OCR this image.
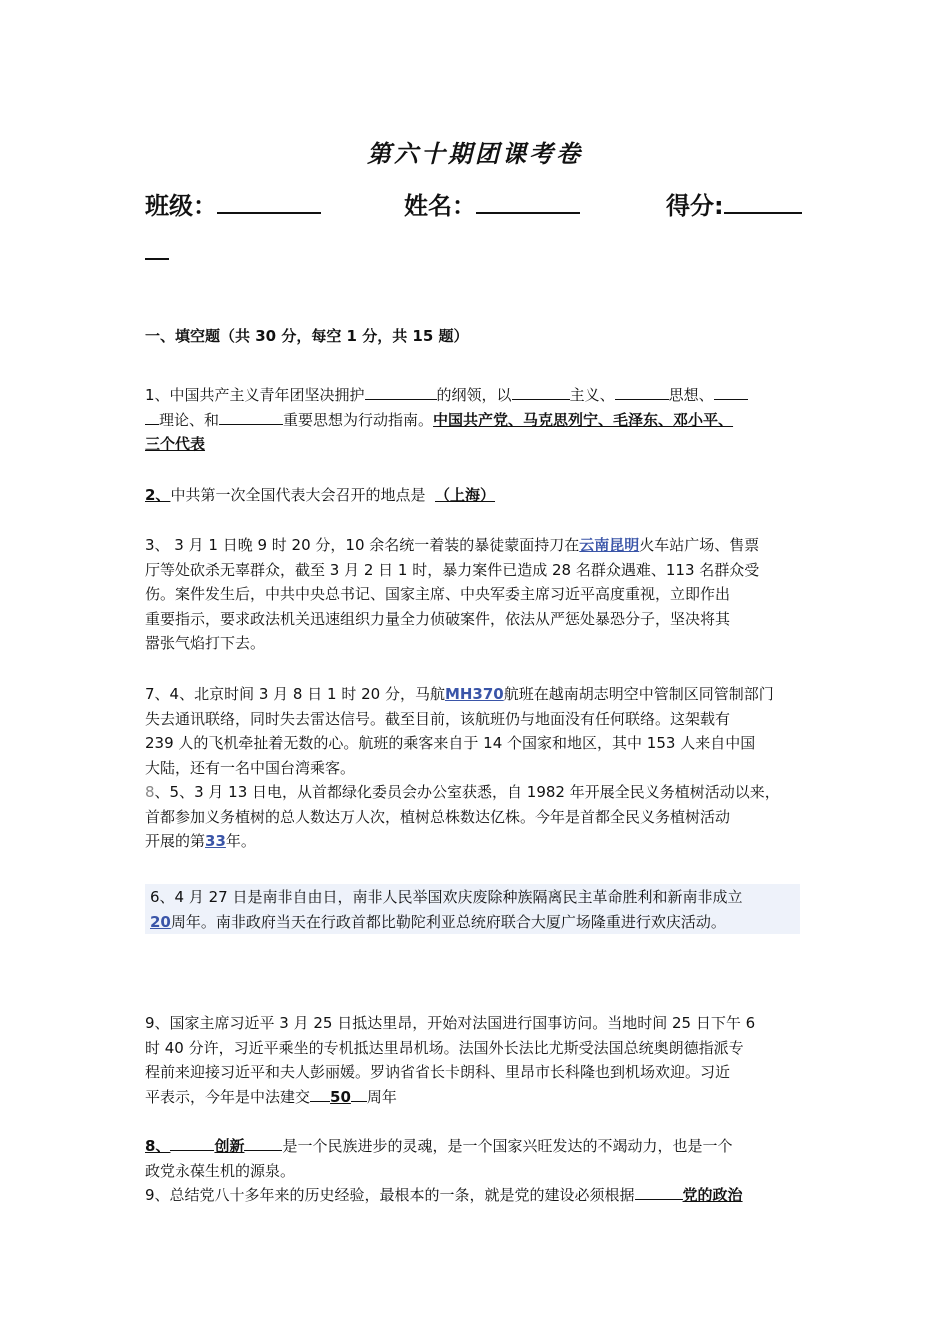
第六十期团课考卷
班级：	姓名：	得分:
一、填空题（共 30 分，每空 1 分，共 15 题）
1、中国共产主义青年团坚决拥护	的纲领，以	主义、	思想、
理论、和	重要思想为行动指南。中国共产党、马克思列宁、毛泽东、邓小平、
三个代表
2、中共第一次全国代表大会召开的地点是 （上海）
3、 3 月 1 日晚 9 时 20 分，10 余名统一着装的暴徒蒙面持刀在云南昆明火车站广场、售票
厅等处砍杀无辜群众，截至 3 月 2 日 1 时，暴力案件已造成 28 名群众遇难、113 名群众受
伤。案件发生后，中共中央总书记、国家主席、中央军委主席习近平高度重视，立即作出
重要指示，要求政法机关迅速组织力量全力侦破案件，依法从严惩处暴恐分子，坚决将其
嚣张气焰打下去。
7、4、北京时间 3 月 8 日 1 时 20 分，马航MH370航班在越南胡志明空中管制区同管制部门
失去通讯联络，同时失去雷达信号。截至目前，该航班仍与地面没有任何联络。这架载有
239 人的飞机牵扯着无数的心。航班的乘客来自于 14 个国家和地区，其中 153 人来自中国
大陆，还有一名中国台湾乘客。
8、5、3 月 13 日电，从首都绿化委员会办公室获悉，自 1982 年开展全民义务植树活动以来，
首都参加义务植树的总人数达万人次，植树总株数达亿株。今年是首都全民义务植树活动
开展的第33年。
6、4 月 27 日是南非自由日，南非人民举国欢庆废除种族隔离民主革命胜利和新南非成立
20周年。南非政府当天在行政首都比勒陀利亚总统府联合大厦广场隆重进行欢庆活动。
9、国家主席习近平 3 月 25 日抵达里昂，开始对法国进行国事访问。当地时间 25 日下午 6
时 40 分许，习近平乘坐的专机抵达里昂机场。法国外长法比尤斯受法国总统奥朗德指派专
程前来迎接习近平和夫人彭丽媛。罗讷省省长卡朗科、里昂市长科隆也到机场欢迎。习近
平表示，今年是中法建交 50 周年
8、	创新	是一个民族进步的灵魂，是一个国家兴旺发达的不竭动力，也是一个
政党永葆生机的源泉。
9、总结党八十多年来的历史经验，最根本的一条，就是党的建设必须根据	党的政治
